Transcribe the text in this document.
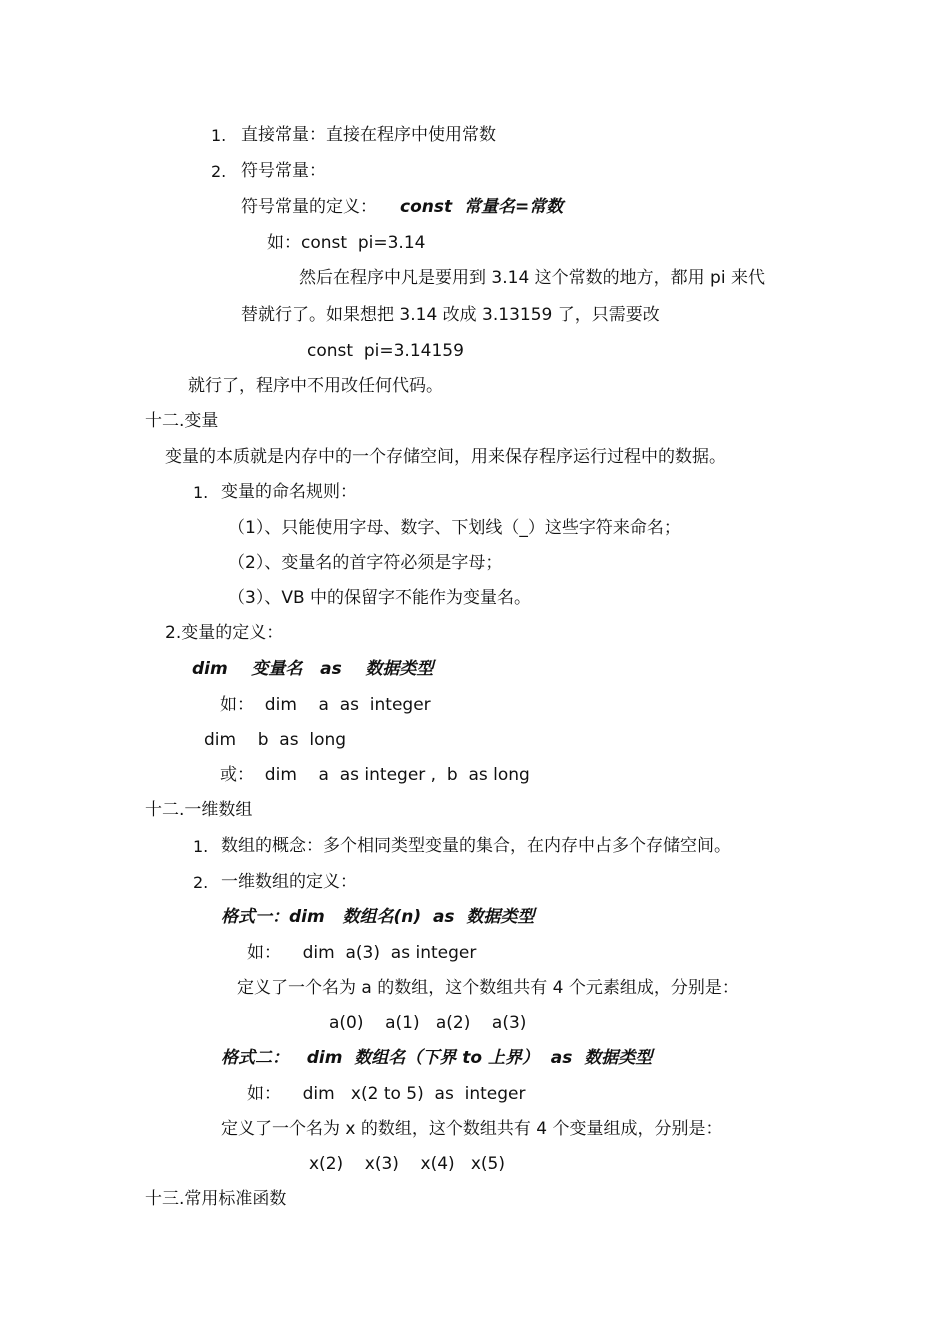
1. 直接常量：直接在程序中使用常数
2. 符号常量：
符号常量的定义： const  常量名=常数
如：const  pi=3.14
然后在程序中凡是要用到 3.14 这个常数的地方，都用 pi 来代
替就行了。如果想把 3.14 改成 3.13159 了，只需要改
const  pi=3.14159
就行了，程序中不用改任何代码。
十二.变量
变量的本质就是内存中的一个存储空间，用来保存程序运行过程中的数据。
1. 变量的命名规则：
（1）、只能使用字母、数字、下划线（_）这些字符来命名；
（2）、变量名的首字符必须是字母；
（3）、VB 中的保留字不能作为变量名。
2.变量的定义：
dim    变量名   as    数据类型
如：  dim    a  as  integer
dim    b  as  long
或：  dim    a  as integer ,  b  as long
十二.一维数组
1. 数组的概念：多个相同类型变量的集合，在内存中占多个存储空间。
2. 一维数组的定义：
格式一：dim   数组名(n)  as  数据类型
如：    dim  a(3)  as integer
定义了一个名为 a 的数组，这个数组共有 4 个元素组成，分别是：
a(0)    a(1)   a(2)    a(3)
格式二：   dim  数组名（下界 to 上界）  as  数据类型
如：    dim   x(2 to 5)  as  integer
定义了一个名为 x 的数组，这个数组共有 4 个变量组成，分别是：
x(2)    x(3)    x(4)   x(5)
十三.常用标准函数
